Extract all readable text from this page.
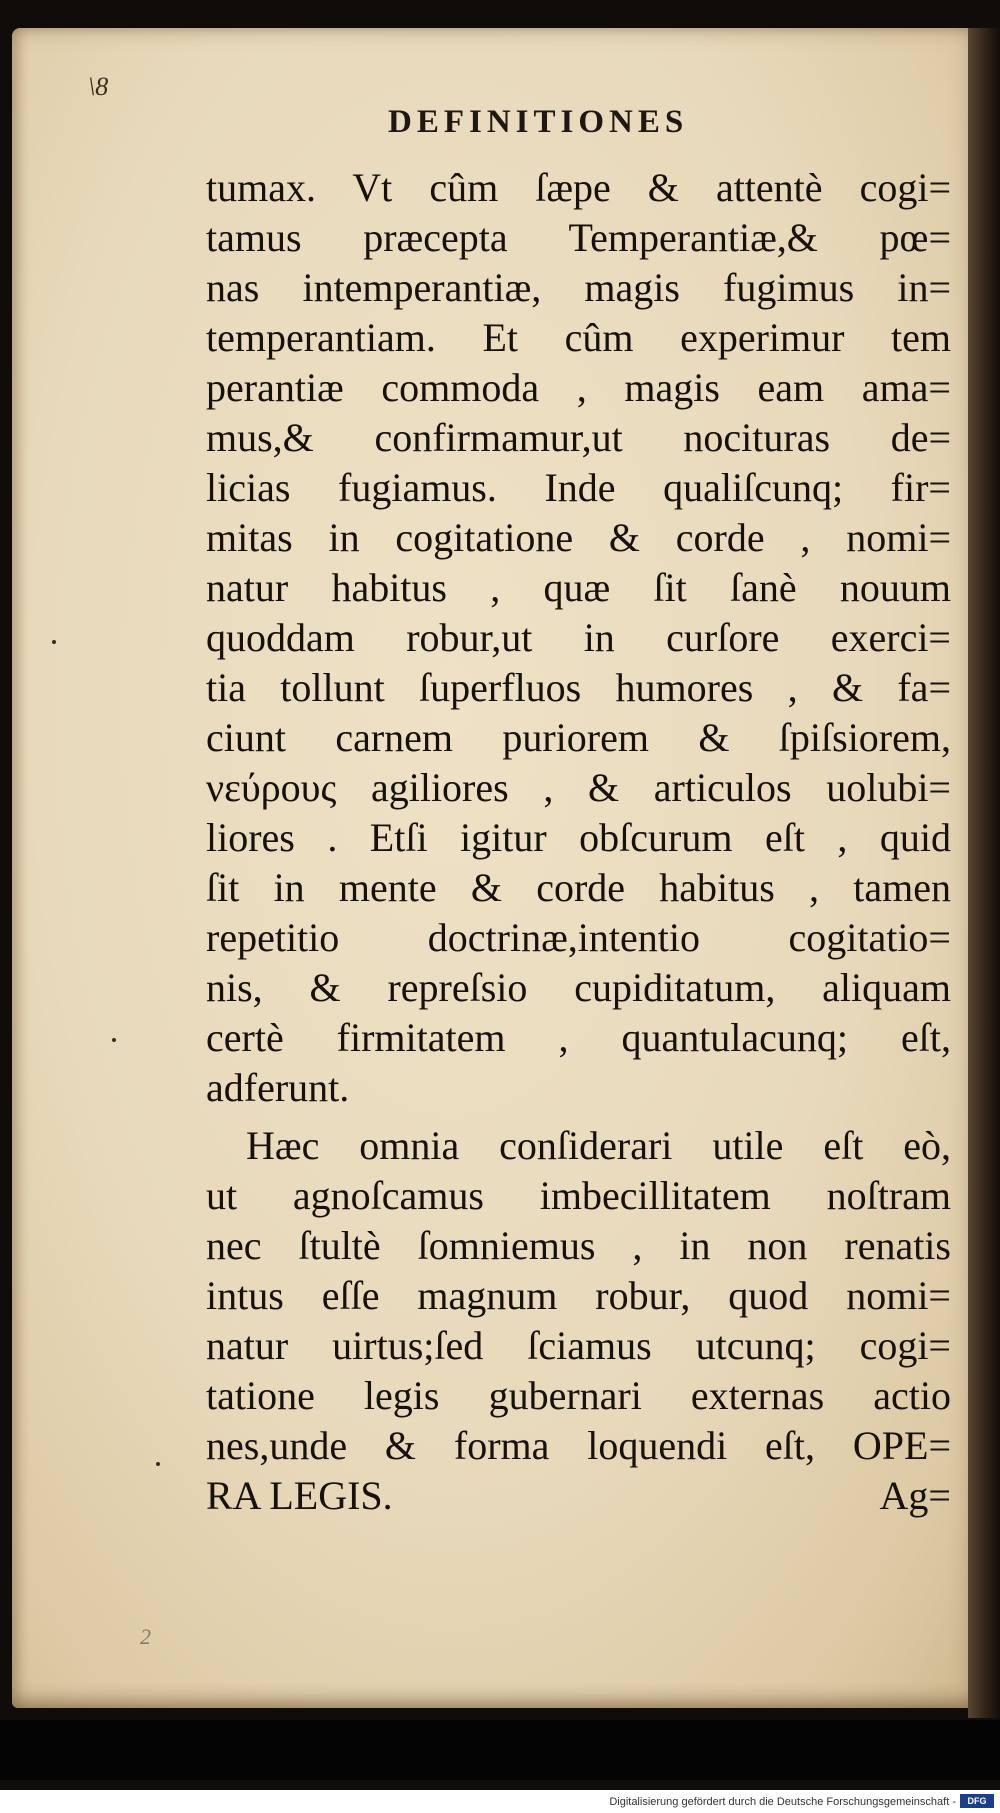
\8
DEFINITIONES
tumax. Vt cûm ſæpe & attentè cogi=
tamus præcepta Temperantiæ,& pœ=
nas intemperantiæ, magis fugimus in=
temperantiam. Et cûm experimur tem
perantiæ commoda , magis eam ama=
mus,& confirmamur,ut nocituras de=
licias fugiamus. Inde qualiſcunq; fir=
mitas in cogitatione & corde , nomi=
natur habitus , quæ ſit ſanè nouum
quoddam robur,ut in curſore exerci=
tia tollunt ſuperfluos humores , & fa=
ciunt carnem puriorem & ſpiſsiorem,
νεύρους agiliores , & articulos uolubi=
liores . Etſi igitur obſcurum eſt , quid
ſit in mente & corde habitus , tamen
repetitio doctrinæ,intentio cogitatio=
nis, & repreſsio cupiditatum, aliquam
certè firmitatem , quantulacunq; eſt,
adferunt.
Hæc omnia conſiderari utile eſt eò,
ut agnoſcamus imbecillitatem noſtram
nec ſtultè ſomniemus , in non renatis
intus eſſe magnum robur, quod nomi=
natur uirtus;ſed ſciamus utcunq; cogi=
tatione legis gubernari externas actio
nes,unde & forma loquendi eſt, OPE=
RA LEGIS.	Ag=
2
Digitalisierung gefördert durch die Deutsche Forschungsgemeinschaft -	DFG
